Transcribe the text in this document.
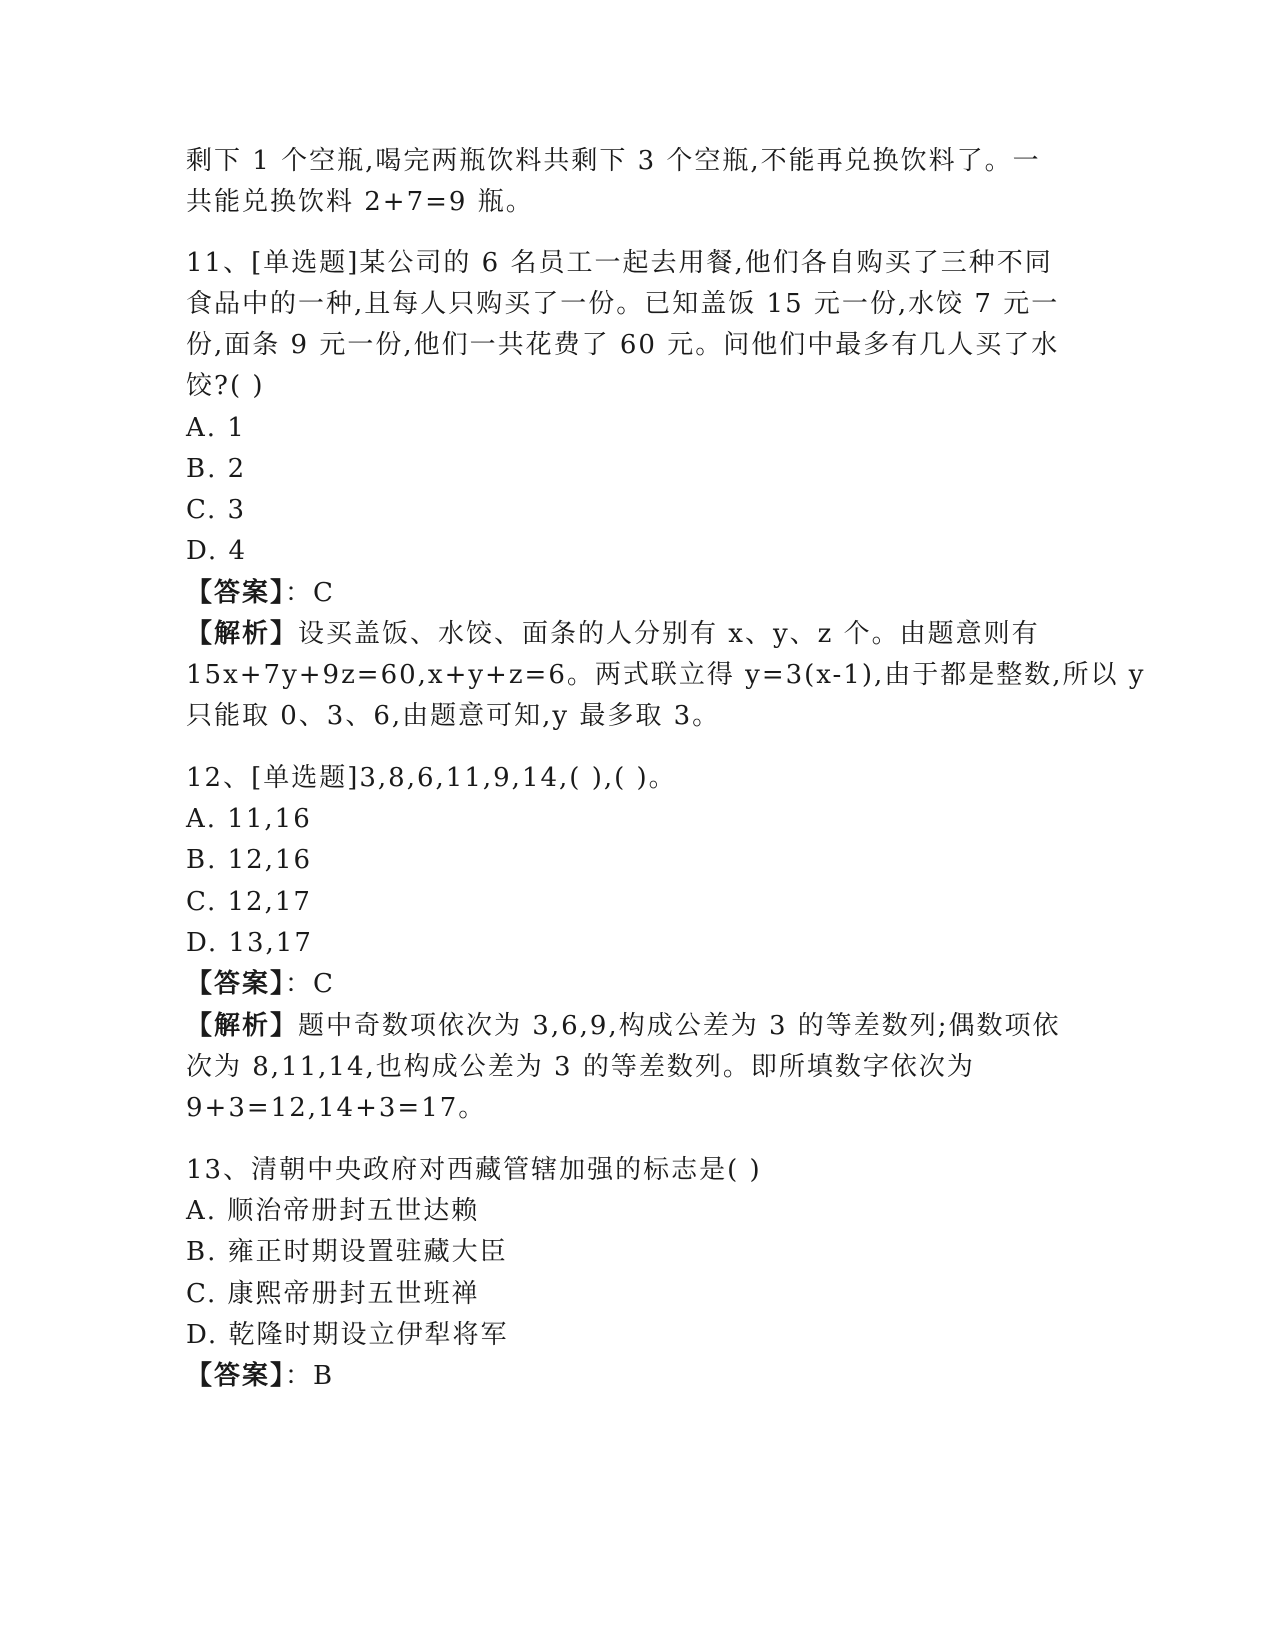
剩下 1 个空瓶,喝完两瓶饮料共剩下 3 个空瓶,不能再兑换饮料了。一
共能兑换饮料 2+7=9 瓶。
11、[单选题]某公司的 6 名员工一起去用餐,他们各自购买了三种不同
食品中的一种,且每人只购买了一份。已知盖饭 15 元一份,水饺 7 元一
份,面条 9 元一份,他们一共花费了 60 元。问他们中最多有几人买了水
饺?( )
A. 1
B. 2
C. 3
D. 4
【答案】：C
【解析】设买盖饭、水饺、面条的人分别有 x、y、z 个。由题意则有
15x+7y+9z=60,x+y+z=6。两式联立得 y=3(x-1),由于都是整数,所以 y
只能取 0、3、6,由题意可知,y 最多取 3。
12、[单选题]3,8,6,11,9,14,( ),( )。
A. 11,16
B. 12,16
C. 12,17
D. 13,17
【答案】：C
【解析】题中奇数项依次为 3,6,9,构成公差为 3 的等差数列;偶数项依
次为 8,11,14,也构成公差为 3 的等差数列。即所填数字依次为
9+3=12,14+3=17。
13、清朝中央政府对西藏管辖加强的标志是( )
A. 顺治帝册封五世达赖
B. 雍正时期设置驻藏大臣
C. 康熙帝册封五世班禅
D. 乾隆时期设立伊犁将军
【答案】：B
